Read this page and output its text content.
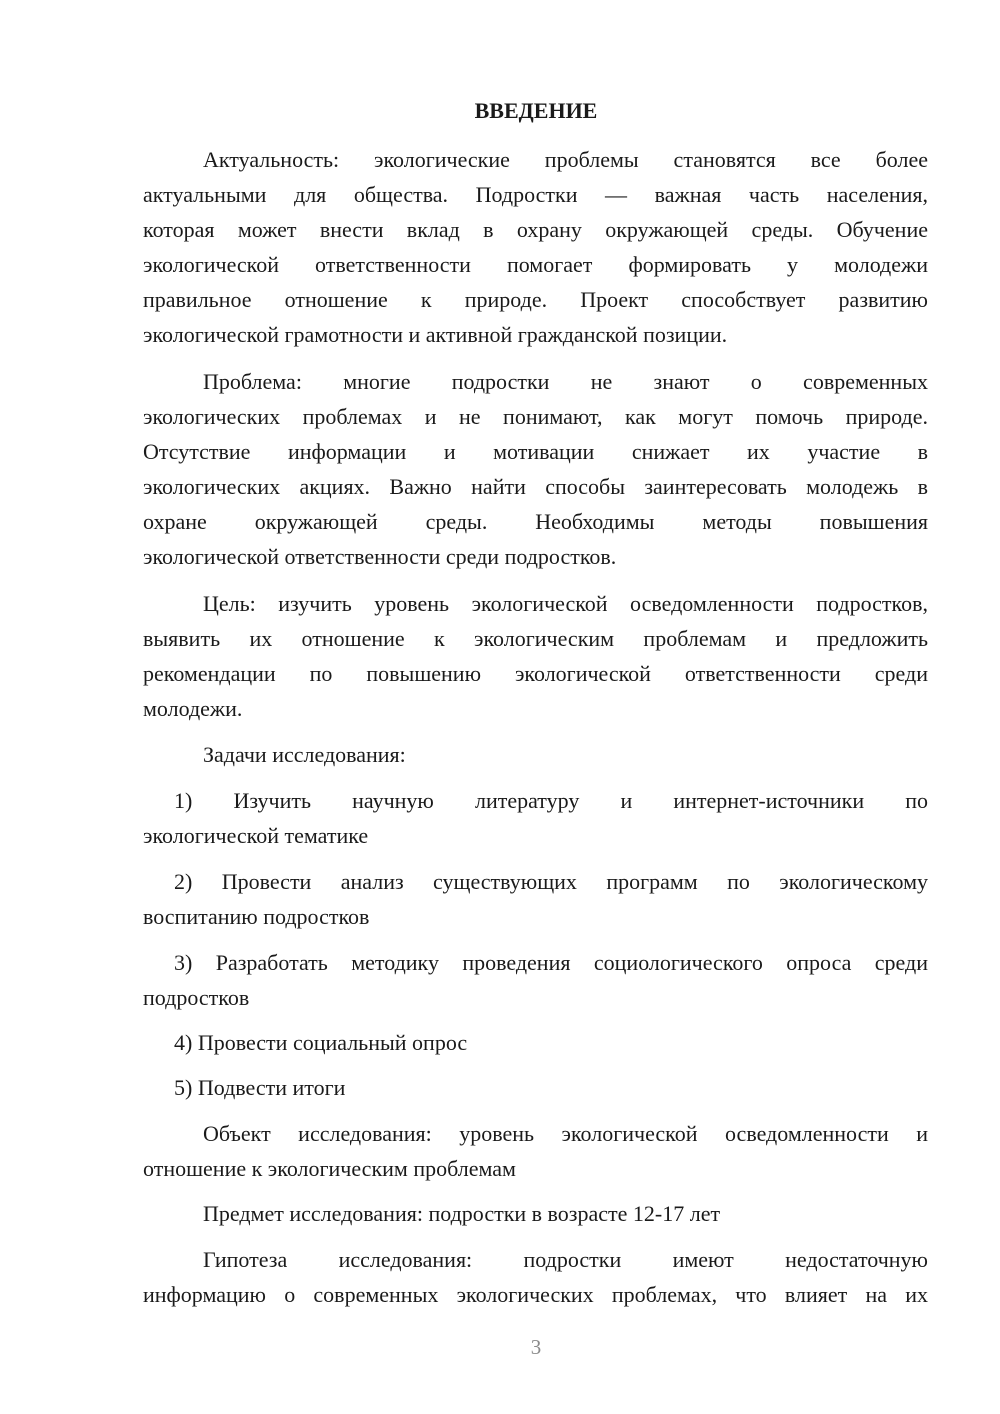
ВВЕДЕНИЕ
Актуальность: экологические проблемы становятся все более
актуальными для общества. Подростки — важная часть населения,
которая может внести вклад в охрану окружающей среды. Обучение
экологической ответственности помогает формировать у молодежи
правильное отношение к природе. Проект способствует развитию
экологической грамотности и активной гражданской позиции.
Проблема: многие подростки не знают о современных
экологических проблемах и не понимают, как могут помочь природе.
Отсутствие информации и мотивации снижает их участие в
экологических акциях. Важно найти способы заинтересовать молодежь в
охране окружающей среды. Необходимы методы повышения
экологической ответственности среди подростков.
Цель: изучить уровень экологической осведомленности подростков,
выявить их отношение к экологическим проблемам и предложить
рекомендации по повышению экологической ответственности среди
молодежи.
Задачи исследования:
1) Изучить научную литературу и интернет-источники по
экологической тематике
2) Провести анализ существующих программ по экологическому
воспитанию подростков
3) Разработать методику проведения социологического опроса среди
подростков
4) Провести социальный опрос
5) Подвести итоги
Объект исследования: уровень экологической осведомленности и
отношение к экологическим проблемам
Предмет исследования: подростки в возрасте 12-17 лет
Гипотеза исследования: подростки имеют недостаточную
информацию о современных экологических проблемах, что влияет на их
3
